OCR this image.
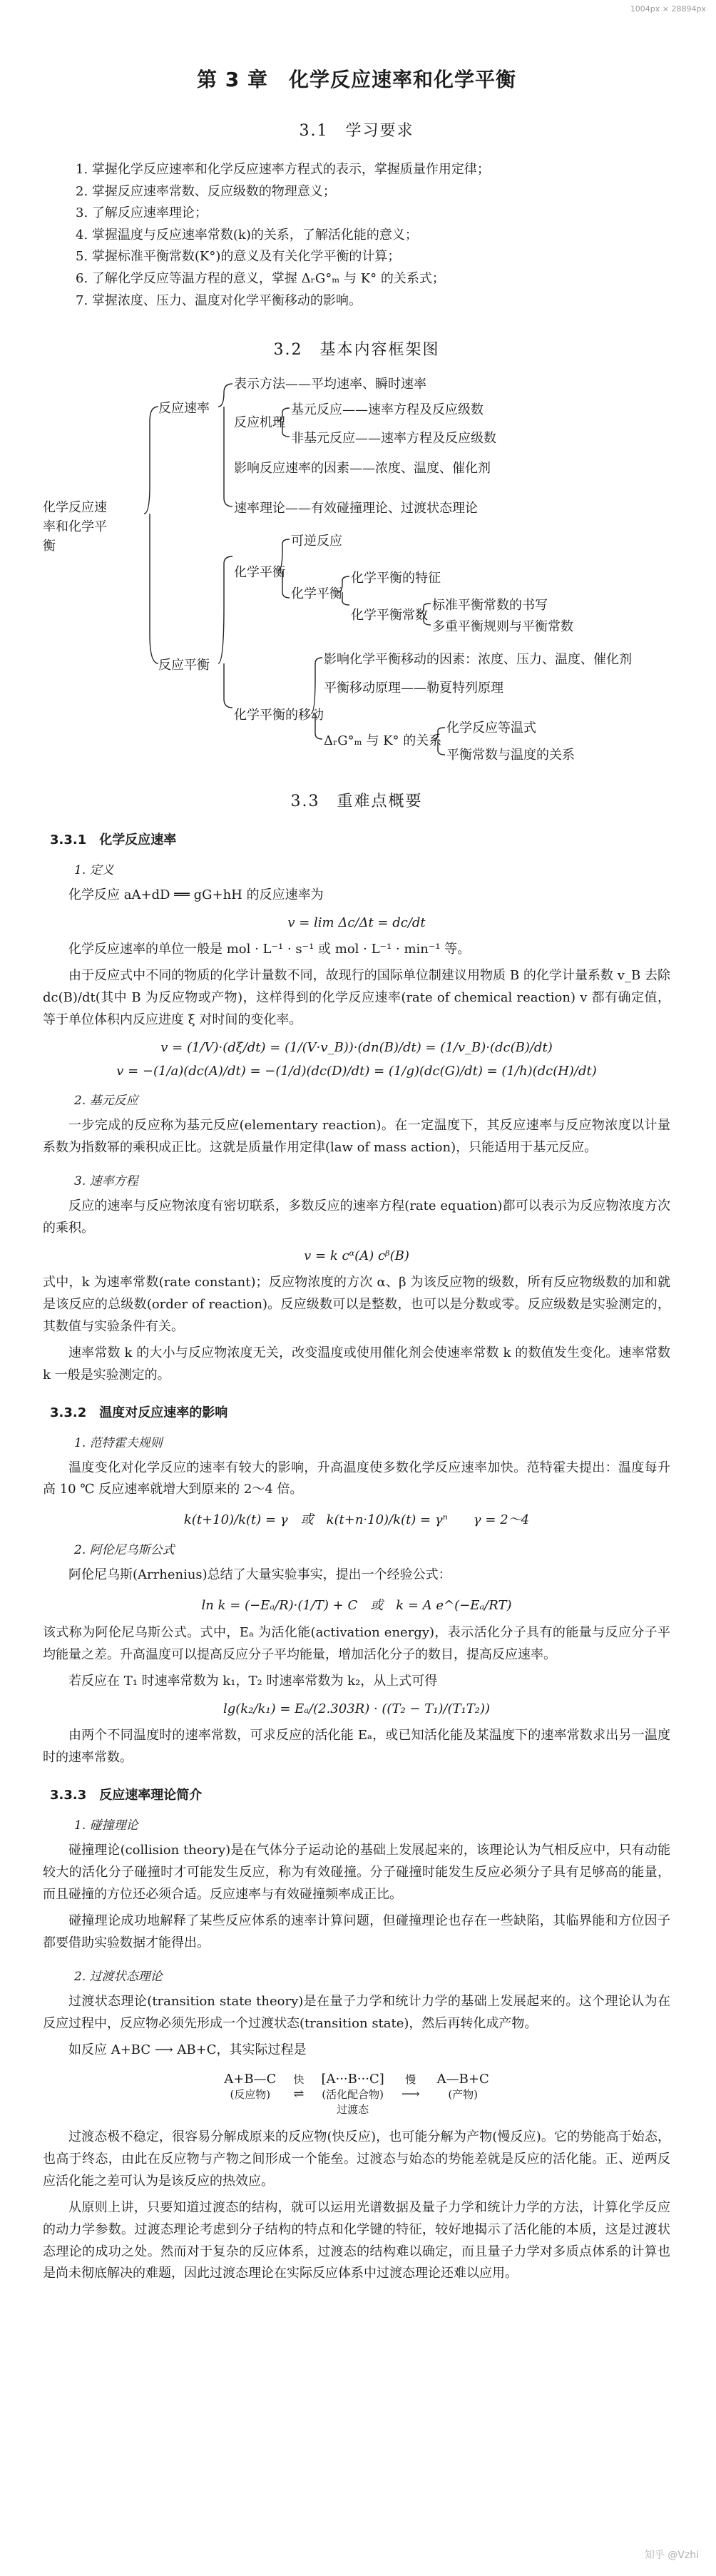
1004px × 28894px
第 3 章　化学反应速率和化学平衡
3.1　学习要求
1. 掌握化学反应速率和化学反应速率方程式的表示，掌握质量作用定律；
2. 掌握反应速率常数、反应级数的物理意义；
3. 了解反应速率理论；
4. 掌握温度与反应速率常数(k)的关系，了解活化能的意义；
5. 掌握标准平衡常数(K°)的意义及有关化学平衡的计算；
6. 了解化学反应等温方程的意义，掌握 ΔᵣG°ₘ 与 K° 的关系式；
7. 掌握浓度、压力、温度对化学平衡移动的影响。
3.2　基本内容框架图
化学反应速率和化学平衡
反应速率
表示方法——平均速率、瞬时速率
反应机理
基元反应——速率方程及反应级数
非基元反应——速率方程及反应级数
影响反应速率的因素——浓度、温度、催化剂
速率理论——有效碰撞理论、过渡状态理论
反应平衡
化学平衡
可逆反应
化学平衡
化学平衡的特征
化学平衡常数
标准平衡常数的书写
多重平衡规则与平衡常数
化学平衡的移动
影响化学平衡移动的因素：浓度、压力、温度、催化剂
平衡移动原理——勒夏特列原理
ΔᵣG°ₘ 与 K° 的关系
化学反应等温式
平衡常数与温度的关系
3.3　重难点概要
3.3.1　化学反应速率
1. 定义

化学反应 aA+dD ══ gG+hH 的反应速率为

v = lim Δc/Δt = dc/dt

化学反应速率的单位一般是 mol · L⁻¹ · s⁻¹ 或 mol · L⁻¹ · min⁻¹ 等。

由于反应式中不同的物质的化学计量数不同，故现行的国际单位制建议用物质 B 的化学计量系数 v_B 去除 dc(B)/dt(其中 B 为反应物或产物)，这样得到的化学反应速率(rate of chemical reaction) v 都有确定值，等于单位体积内反应进度 ξ 对时间的变化率。

v = (1/V)·(dξ/dt) = (1/(V·v_B))·(dn(B)/dt) = (1/v_B)·(dc(B)/dt)
v = −(1/a)(dc(A)/dt) = −(1/d)(dc(D)/dt) = (1/g)(dc(G)/dt) = (1/h)(dc(H)/dt)
2. 基元反应

一步完成的反应称为基元反应(elementary reaction)。在一定温度下，其反应速率与反应物浓度以计量系数为指数幂的乘积成正比。这就是质量作用定律(law of mass action)，只能适用于基元反应。

3. 速率方程

反应的速率与反应物浓度有密切联系，多数反应的速率方程(rate equation)都可以表示为反应物浓度方次的乘积。

v = k cᵅ(A) cᵝ(B)

式中，k 为速率常数(rate constant)；反应物浓度的方次 α、β 为该反应物的级数，所有反应物级数的加和就是该反应的总级数(order of reaction)。反应级数可以是整数，也可以是分数或零。反应级数是实验测定的，其数值与实验条件有关。

速率常数 k 的大小与反应物浓度无关，改变温度或使用催化剂会使速率常数 k 的数值发生变化。速率常数 k 一般是实验测定的。

3.3.2　温度对反应速率的影响
1. 范特霍夫规则

温度变化对化学反应的速率有较大的影响，升高温度使多数化学反应速率加快。范特霍夫提出：温度每升高 10 ℃ 反应速率就增大到原来的 2～4 倍。

k(t+10)/k(t) = γ　或　k(t+n·10)/k(t) = γⁿ　　γ = 2～4
2. 阿伦尼乌斯公式

阿伦尼乌斯(Arrhenius)总结了大量实验事实，提出一个经验公式：

ln k = (−Eₐ/R)·(1/T) + C　或　k = A e^(−Eₐ/RT)

该式称为阿伦尼乌斯公式。式中，Eₐ 为活化能(activation energy)，表示活化分子具有的能量与反应分子平均能量之差。升高温度可以提高反应分子平均能量，增加活化分子的数目，提高反应速率。

若反应在 T₁ 时速率常数为 k₁，T₂ 时速率常数为 k₂，从上式可得

lg(k₂/k₁) = Eₐ/(2.303R) · ((T₂ − T₁)/(T₁T₂))

由两个不同温度时的速率常数，可求反应的活化能 Eₐ，或已知活化能及某温度下的速率常数求出另一温度时的速率常数。

3.3.3　反应速率理论简介
1. 碰撞理论

碰撞理论(collision theory)是在气体分子运动论的基础上发展起来的，该理论认为气相反应中，只有动能较大的活化分子碰撞时才可能发生反应，称为有效碰撞。分子碰撞时能发生反应必须分子具有足够高的能量，而且碰撞的方位还必须合适。反应速率与有效碰撞频率成正比。

碰撞理论成功地解释了某些反应体系的速率计算问题，但碰撞理论也存在一些缺陷，其临界能和方位因子都要借助实验数据才能得出。

2. 过渡状态理论

过渡状态理论(transition state theory)是在量子力学和统计力学的基础上发展起来的。这个理论认为在反应过程中，反应物必须先形成一个过渡状态(transition state)，然后再转化成产物。

如反应 A+BC ⟶ AB+C，其实际过程是

A+B—C
(反应物)
快
⇌
[A···B···C]
(活化配合物)
过渡态
慢
⟶
A—B+C
(产物)

过渡态极不稳定，很容易分解成原来的反应物(快反应)，也可能分解为产物(慢反应)。它的势能高于始态，也高于终态，由此在反应物与产物之间形成一个能垒。过渡态与始态的势能差就是反应的活化能。正、逆两反应活化能之差可认为是该反应的热效应。

从原则上讲，只要知道过渡态的结构，就可以运用光谱数据及量子力学和统计力学的方法，计算化学反应的动力学参数。过渡态理论考虑到分子结构的特点和化学键的特征，较好地揭示了活化能的本质，这是过渡状态理论的成功之处。然而对于复杂的反应体系，过渡态的结构难以确定，而且量子力学对多质点体系的计算也是尚未彻底解决的难题，因此过渡态理论在实际反应体系中过渡态理论还难以应用。

知乎 @Vzhi
